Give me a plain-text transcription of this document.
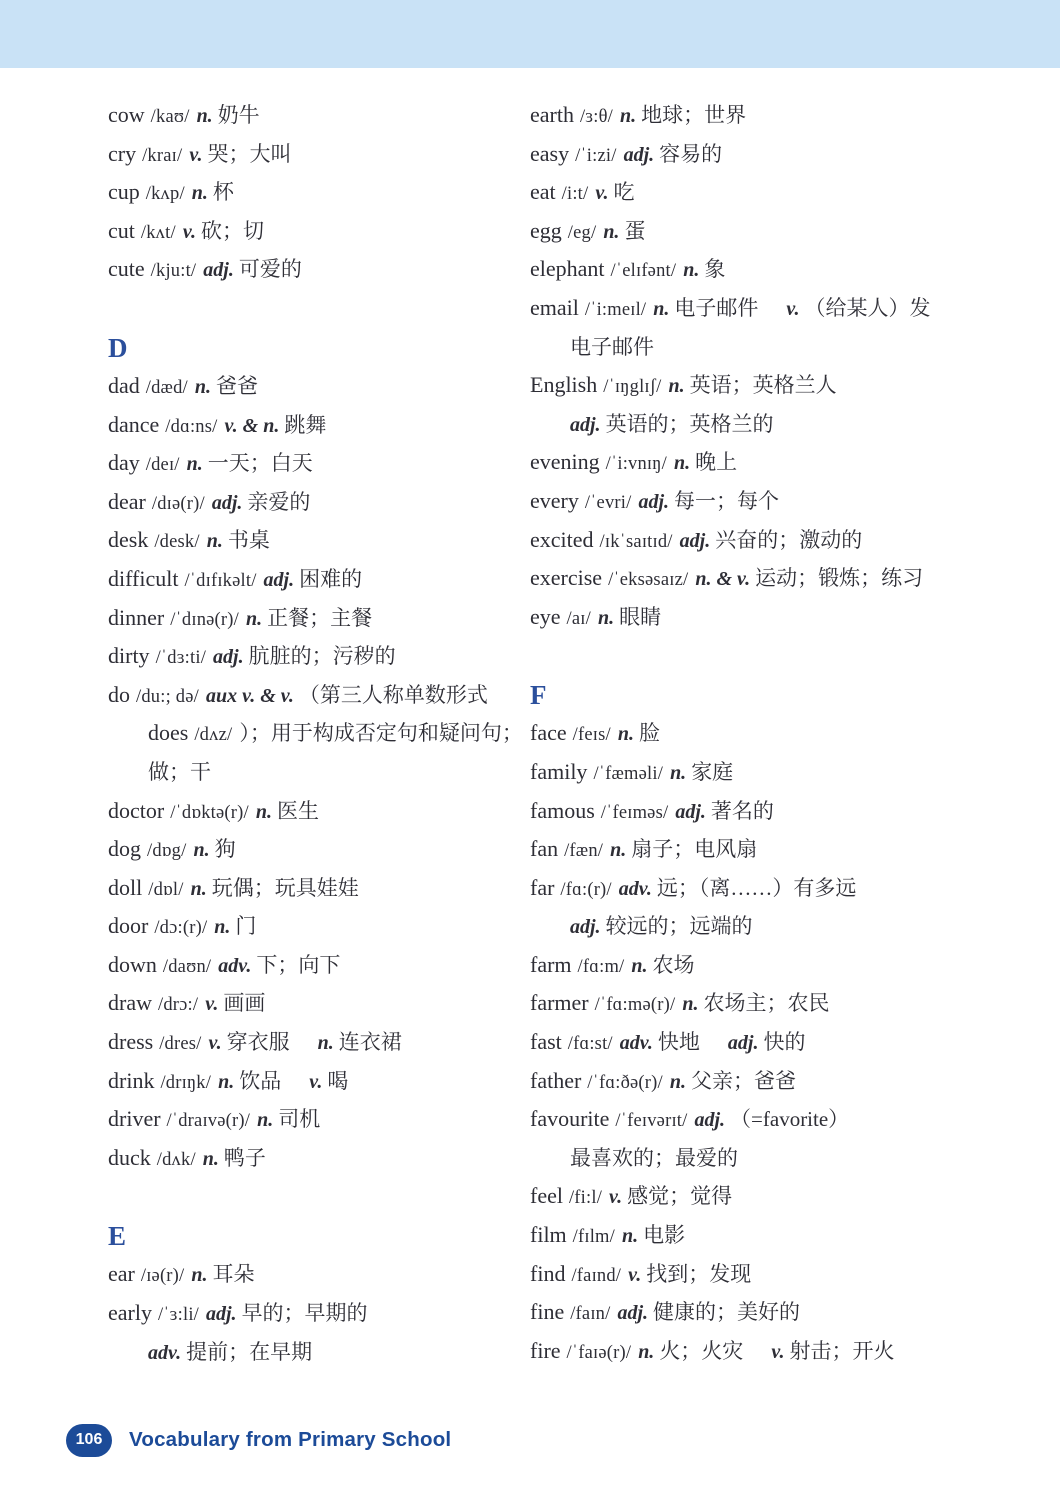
cow /kaʊ/ n. 奶牛
cry /kraɪ/ v. 哭；大叫
cup /kʌp/ n. 杯
cut /kʌt/ v. 砍；切
cute /kju:t/ adj. 可爱的
D
dad /dæd/ n. 爸爸
dance /dɑ:ns/ v. & n. 跳舞
day /deɪ/ n. 一天；白天
dear /dɪə(r)/ adj. 亲爱的
desk /desk/ n. 书桌
difficult /ˈdɪfɪkəlt/ adj. 困难的
dinner /ˈdɪnə(r)/ n. 正餐；主餐
dirty /ˈdɜ:ti/ adj. 肮脏的；污秽的
do /du:; də/ aux v. & v. （第三人称单数形式
does /dʌz/ ）；用于构成否定句和疑问句；
做；干
doctor /ˈdɒktə(r)/ n. 医生
dog /dɒg/ n. 狗
doll /dɒl/ n. 玩偶；玩具娃娃
door /dɔ:(r)/ n. 门
down /daʊn/ adv. 下；向下
draw /drɔ:/ v. 画画
dress /dres/ v. 穿衣服 n. 连衣裙
drink /drɪŋk/ n. 饮品 v. 喝
driver /ˈdraɪvə(r)/ n. 司机
duck /dʌk/ n. 鸭子
E
ear /ɪə(r)/ n. 耳朵
early /ˈɜ:li/ adj. 早的；早期的
adv. 提前；在早期
earth /ɜ:θ/ n. 地球；世界
easy /ˈi:zi/ adj. 容易的
eat /i:t/ v. 吃
egg /eg/ n. 蛋
elephant /ˈelɪfənt/ n. 象
email /ˈi:meɪl/ n. 电子邮件 v. （给某人）发
电子邮件
English /ˈɪŋglɪʃ/ n. 英语；英格兰人
adj. 英语的；英格兰的
evening /ˈi:vnɪŋ/ n. 晚上
every /ˈevri/ adj. 每一；每个
excited /ɪkˈsaɪtɪd/ adj. 兴奋的；激动的
exercise /ˈeksəsaɪz/ n. & v. 运动；锻炼；练习
eye /aɪ/ n. 眼睛
F
face /feɪs/ n. 脸
family /ˈfæməli/ n. 家庭
famous /ˈfeɪməs/ adj. 著名的
fan /fæn/ n. 扇子；电风扇
far /fɑ:(r)/ adv. 远；（离……）有多远
adj. 较远的；远端的
farm /fɑ:m/ n. 农场
farmer /ˈfɑ:mə(r)/ n. 农场主；农民
fast /fɑ:st/ adv. 快地 adj. 快的
father /ˈfɑ:ðə(r)/ n. 父亲；爸爸
favourite /ˈfeɪvərɪt/ adj. （=favorite）
最喜欢的；最爱的
feel /fi:l/ v. 感觉；觉得
film /fɪlm/ n. 电影
find /faɪnd/ v. 找到；发现
fine /faɪn/ adj. 健康的；美好的
fire /ˈfaɪə(r)/ n. 火；火灾 v. 射击；开火
106	Vocabulary from Primary School
